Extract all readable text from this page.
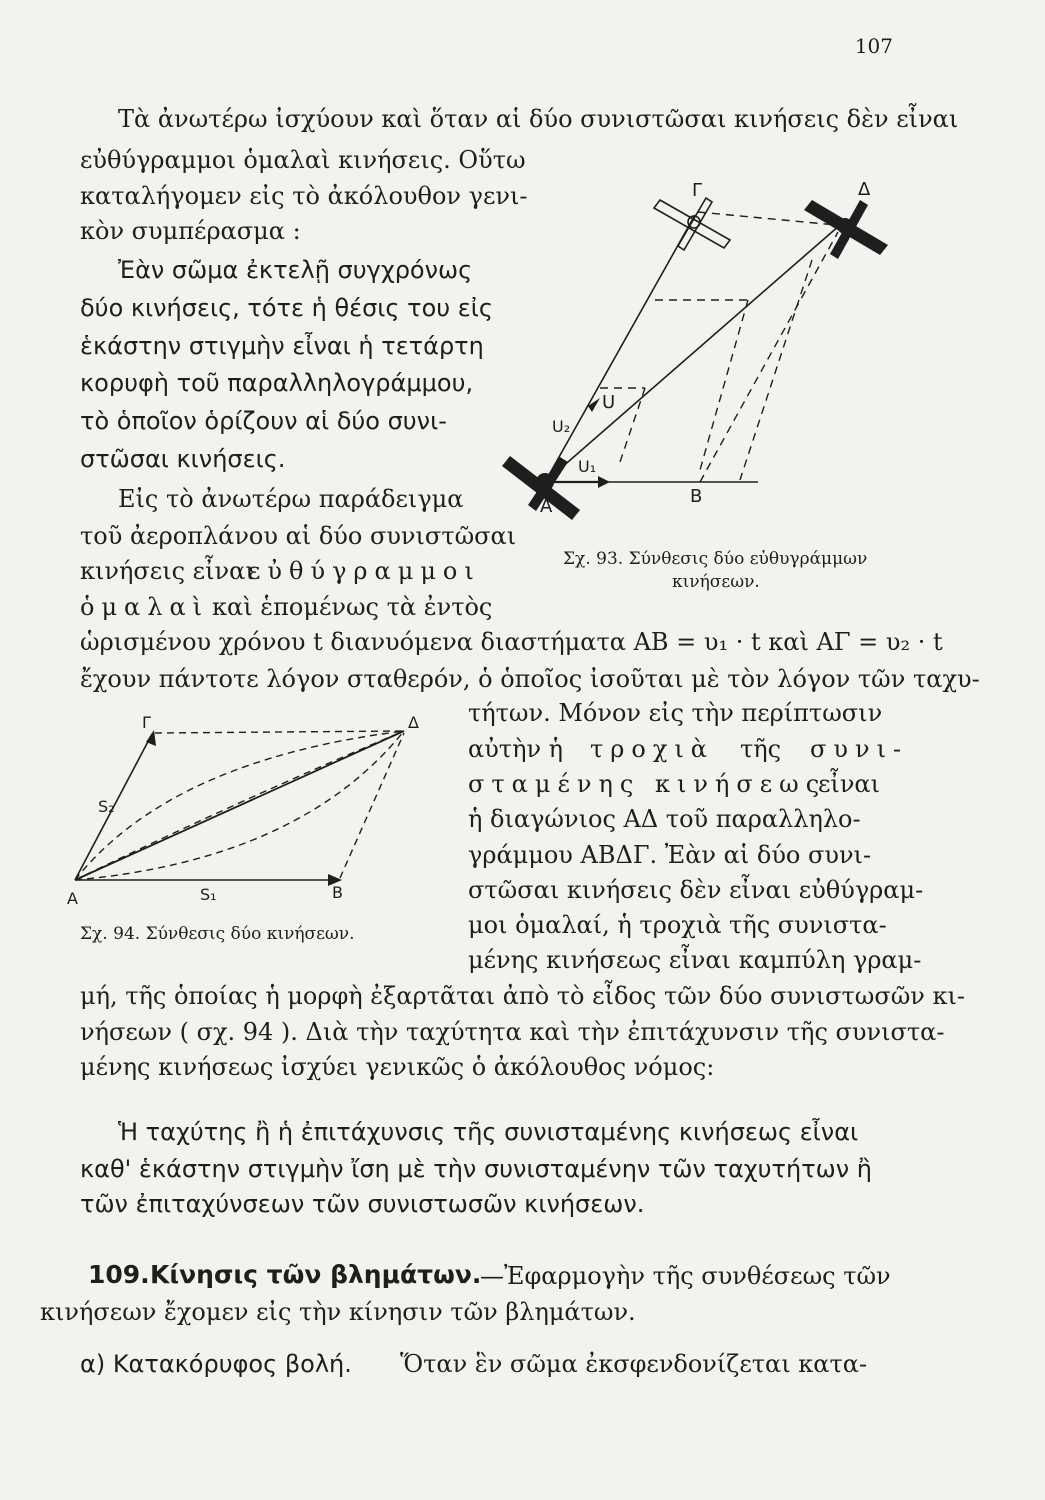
107
Τὰ ἀνωτέρω ἰσχύουν καὶ ὅταν αἱ δύο συνιστῶσαι κινήσεις δὲν εἶναι
εὐθύγραμμοι ὁμαλαὶ κινήσεις. Οὕτω
καταλήγομεν εἰς τὸ ἀκόλουθον γενι-
κὸν συμπέρασμα :
Ἐὰν σῶμα ἐκτελῇ συγχρόνως
δύο κινήσεις, τότε ἡ θέσις του εἰς
ἑκάστην στιγμὴν εἶναι ἡ τετάρτη
κορυφὴ τοῦ παραλληλογράμμου,
τὸ ὁποῖον ὁρίζουν αἱ δύο συνι-
στῶσαι κινήσεις.
Εἰς τὸ ἀνωτέρω παράδειγμα
τοῦ ἀεροπλάνου αἱ δύο συνιστῶσαι
κινήσεις εἶναι
εὐθύγραμμοι
ὁμαλαὶ καὶ ἑπομένως τὰ ἐντὸς
ὡρισμένου χρόνου t διανυόμενα διαστήματα AB = υ₁ · t καὶ AΓ = υ₂ · t
ἔχουν πάντοτε λόγον σταθερόν, ὁ ὁποῖος ἰσοῦται μὲ τὸν λόγον τῶν ταχυ-
τήτων. Μόνον εἰς τὴν περίπτωσιν
αὐτὴν ἡ τροχιὰ τῆς συνι-
σταμένης κινήσεως
εἶναι
ἡ διαγώνιος AΔ τοῦ παραλληλο-
γράμμου ΑΒΔΓ. Ἐὰν αἱ δύο συνι-
στῶσαι κινήσεις δὲν εἶναι εὐθύγραμ-
μοι ὁμαλαί, ἡ τροχιὰ τῆς συνιστα-
μένης κινήσεως εἶναι καμπύλη γραμ-
μή, τῆς ὁποίας ἡ μορφὴ ἐξαρτᾶται ἀπὸ τὸ εἶδος τῶν δύο συνιστωσῶν κι-
νήσεων ( σχ. 94 ). Διὰ τὴν ταχύτητα καὶ τὴν ἐπιτάχυνσιν τῆς συνιστα-
μένης κινήσεως ἰσχύει γενικῶς ὁ ἀκόλουθος νόμος:
Ἡ ταχύτης ἢ ἡ ἐπιτάχυνσις τῆς συνισταμένης κινήσεως εἶναι
καθ' ἑκάστην στιγμὴν ἴση μὲ τὴν συνισταμένην τῶν ταχυτήτων ἢ
τῶν ἐπιταχύνσεων τῶν συνιστωσῶν κινήσεων.
109. Κίνησις τῶν βλημάτων.
—Ἐφαρμογὴν τῆς συνθέσεως τῶν
κινήσεων ἔχομεν εἰς τὴν κίνησιν τῶν βλημάτων.
α) Κατακόρυφος βολή. Ὅταν ἓν σῶμα ἐκσφενδονίζεται κατα-
A	B
Γ	Δ
U
U₁
U₂
Σχ. 93. Σύνθεσις δύο εὐθυγράμμων
κινήσεων.
A	B
Γ	Δ
S₁
S₂
Σχ. 94. Σύνθεσις δύο κινήσεων.
